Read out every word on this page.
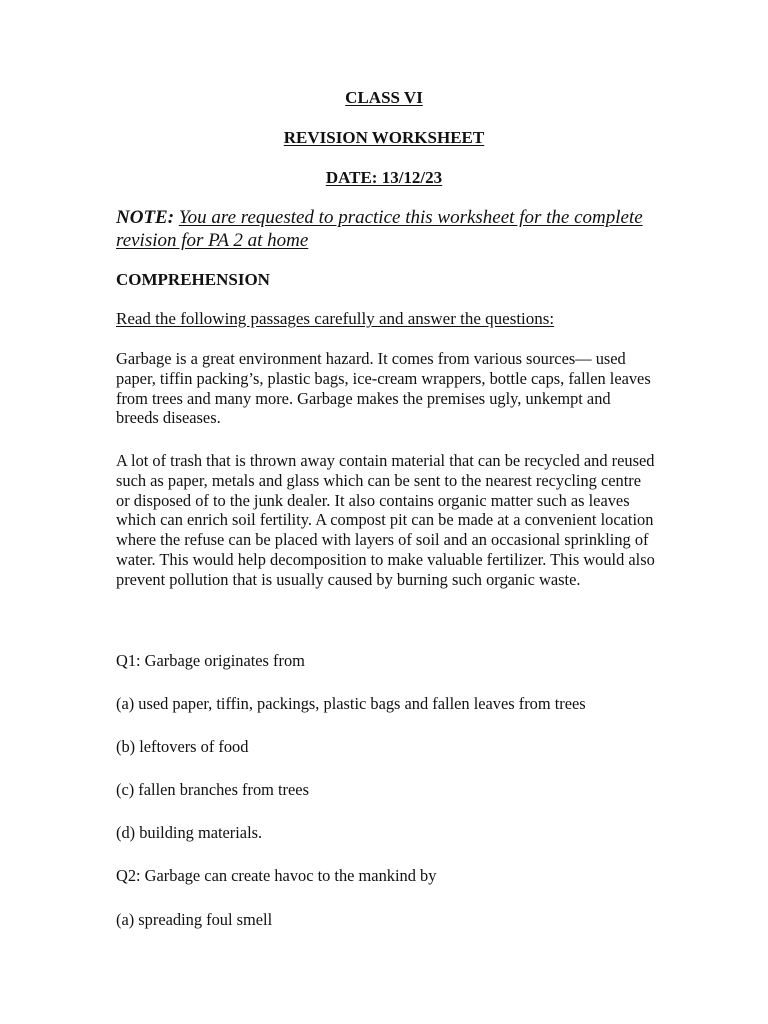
CLASS VI

REVISION WORKSHEET

DATE: 13/12/23

NOTE: You are requested to practice this worksheet for the complete revision for PA 2 at home

COMPREHENSION

Read the following passages carefully and answer the questions:

Garbage is a great environment hazard. It comes from various sources— used paper, tiffin packing’s, plastic bags, ice-cream wrappers, bottle caps, fallen leaves from trees and many more. Garbage makes the premises ugly, unkempt and breeds diseases.

A lot of trash that is thrown away contain material that can be recycled and reused such as paper, metals and glass which can be sent to the nearest recycling centre or disposed of to the junk dealer. It also contains organic matter such as leaves which can enrich soil fertility. A compost pit can be made at a convenient location where the refuse can be placed with layers of soil and an occasional sprinkling of water. This would help decomposition to make valuable fertilizer. This would also prevent pollution that is usually caused by burning such organic waste.

Q1: Garbage originates from

(a) used paper, tiffin, packings, plastic bags and fallen leaves from trees

(b) leftovers of food

(c) fallen branches from trees

(d) building materials.

Q2: Garbage can create havoc to the mankind by

(a) spreading foul smell
